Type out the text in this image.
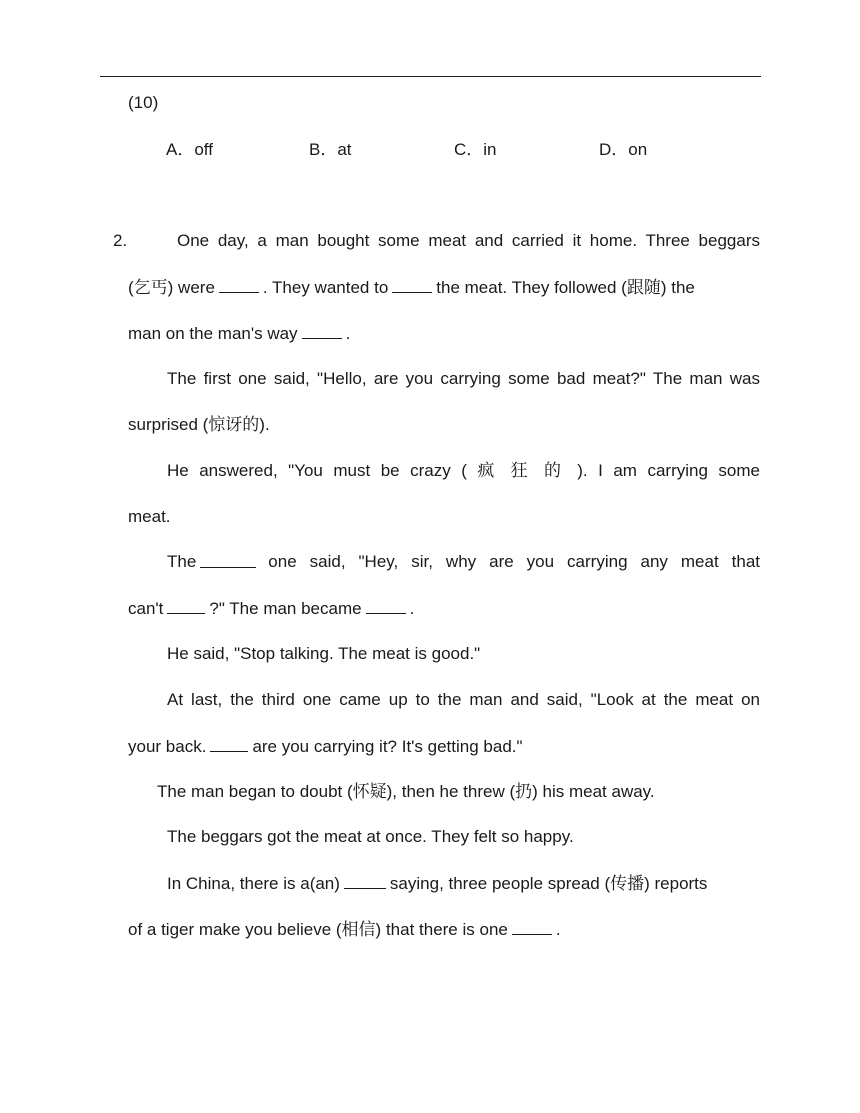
(10)
A．off	B．at	C．in	D．on
2.	One day, a man bought some meat and carried it home. Three beggars
(乞丐) were	. They wanted to	the meat. They followed (跟随) the
man on the man's way	.
The first one said, "Hello, are you carrying some bad meat?" The man was
surprised (惊讶的).
He answered, "You must be crazy ( 疯 狂 的 ). I am carrying some
meat.
The	one said, "Hey, sir, why are you carrying any meat that
can't	?" The man became	.
He said, "Stop talking. The meat is good."
At last, the third one came up to the man and said, "Look at the meat on
your back.	are you carrying it? It's getting bad."
The man began to doubt (怀疑), then he threw (扔) his meat away.
The beggars got the meat at once. They felt so happy.
In China, there is a(an)	saying, three people spread (传播) reports
of a tiger make you believe (相信) that there is one	.
